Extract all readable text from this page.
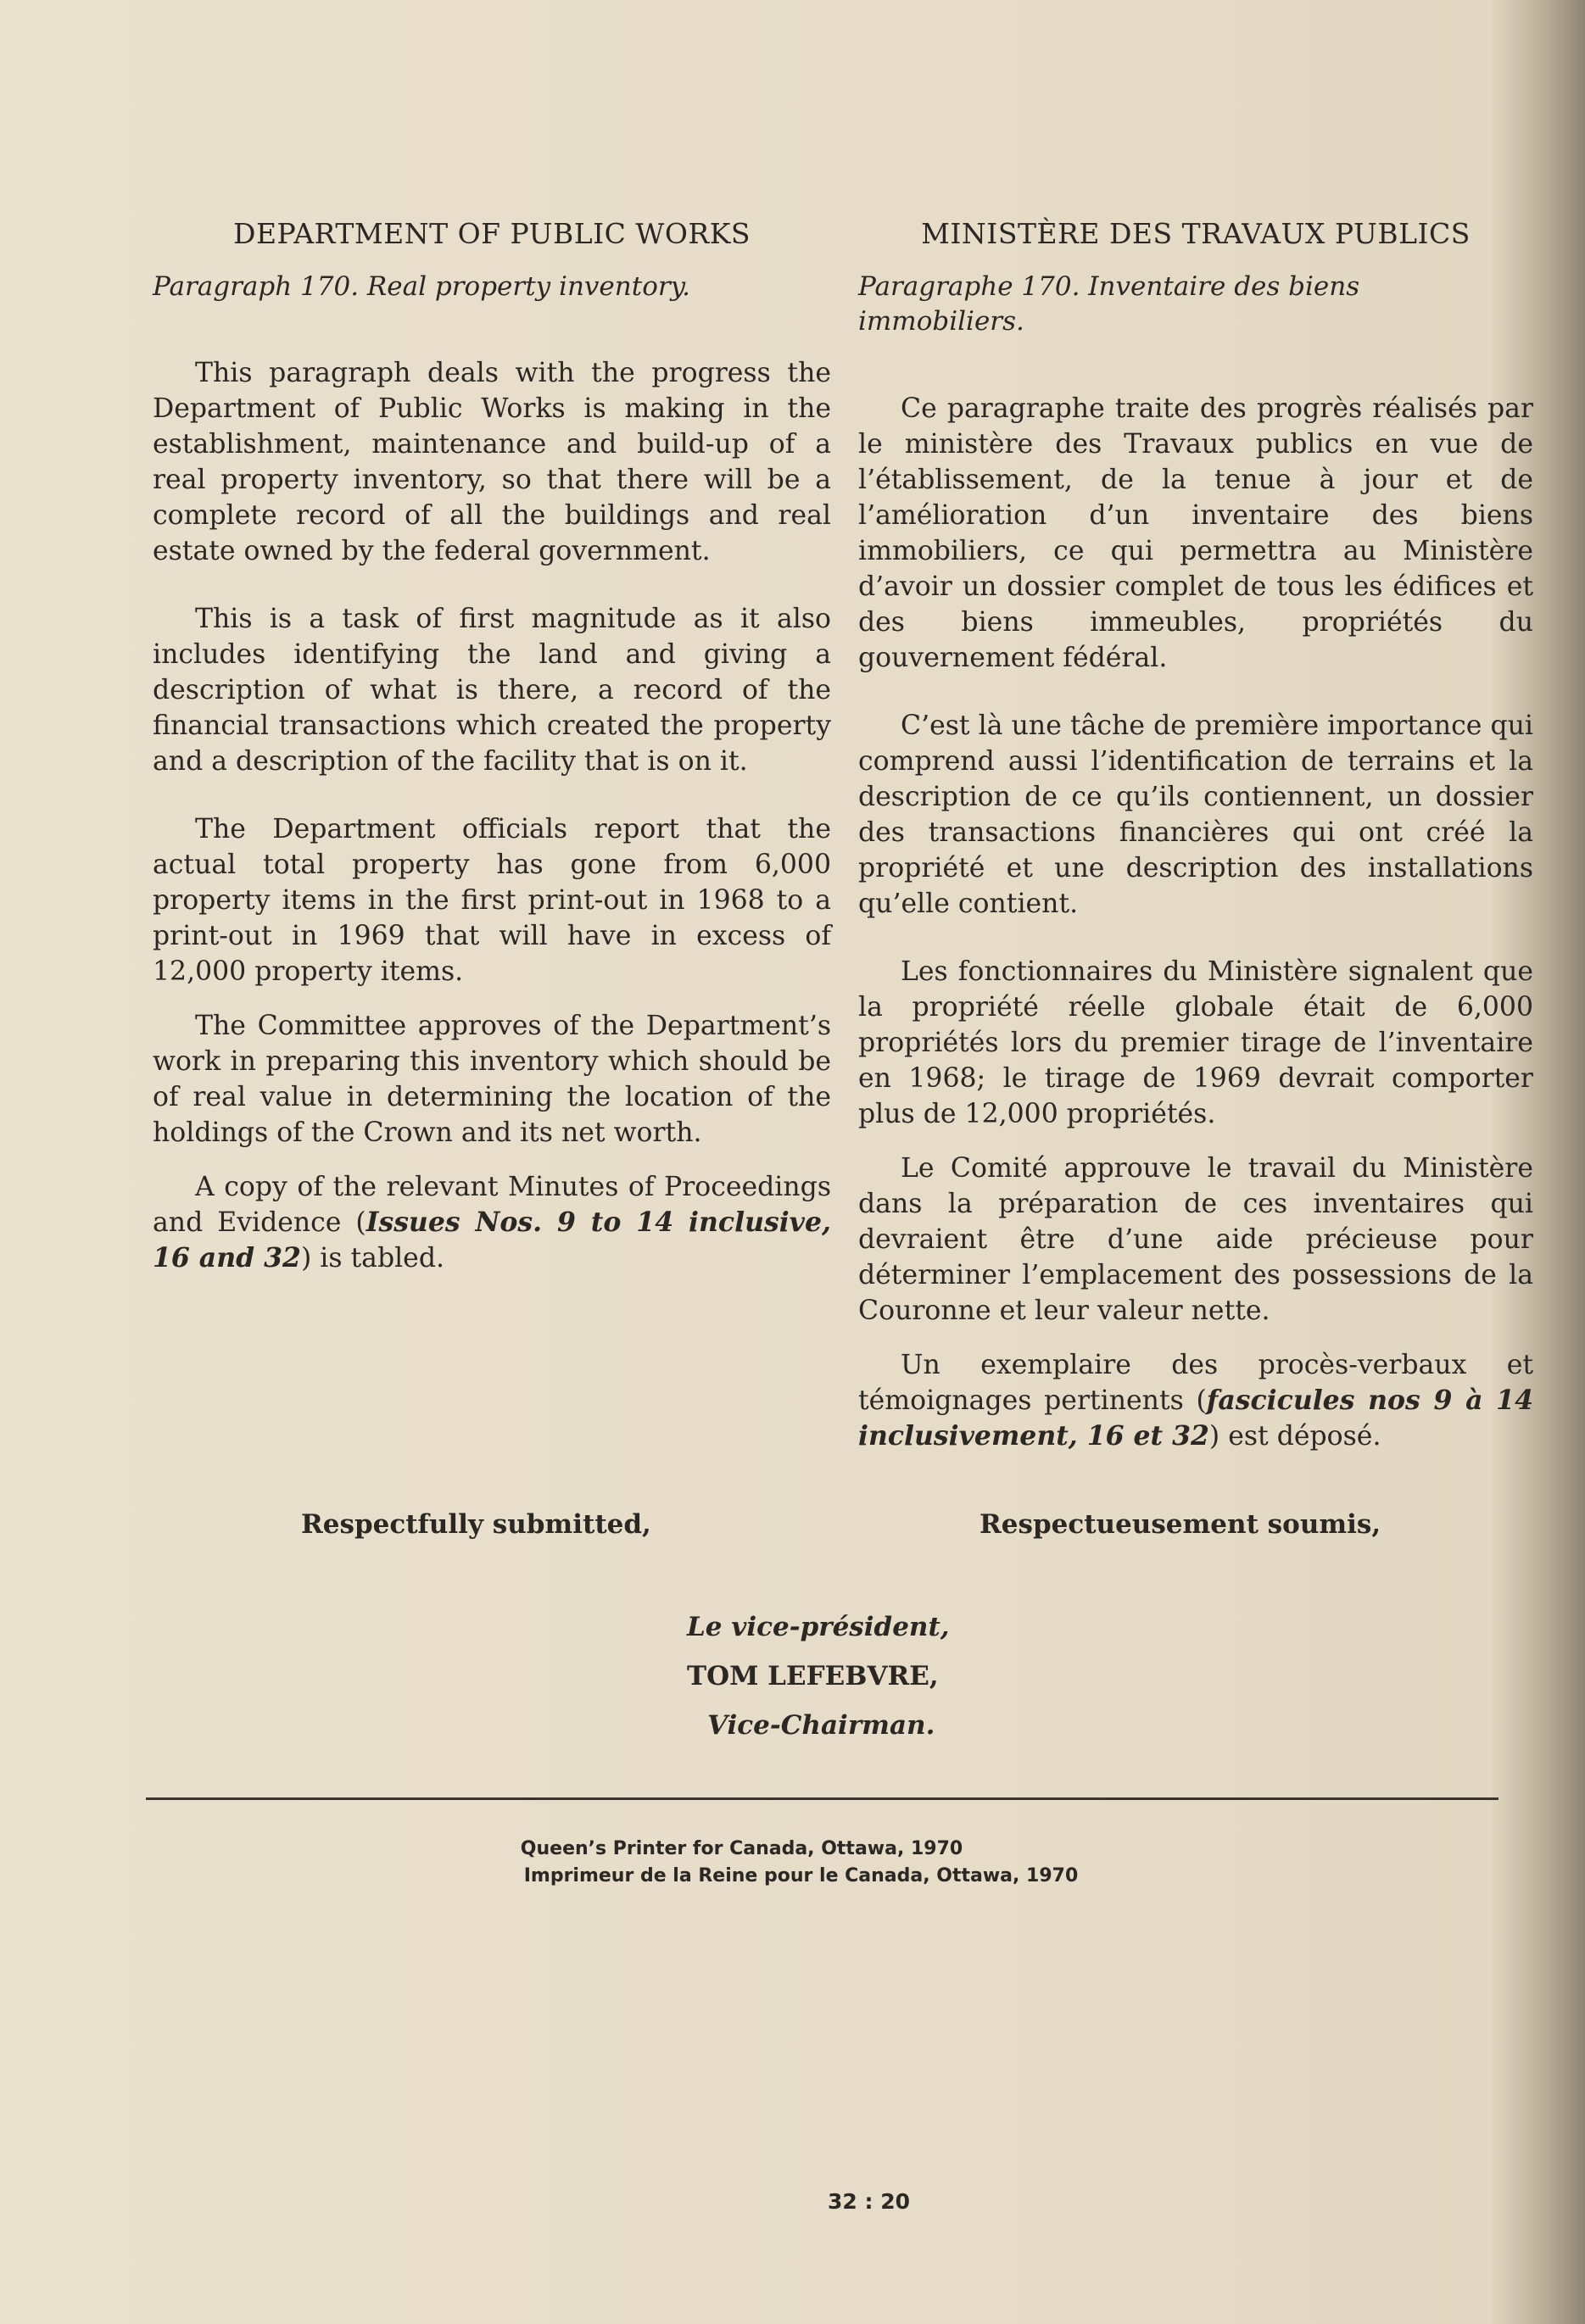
DEPARTMENT OF PUBLIC WORKS
Paragraph 170. Real property inventory.

This paragraph deals with the progress the Department of Public Works is making in the establishment, maintenance and build-up of a real property inventory, so that there will be a complete record of all the buildings and real estate owned by the federal government.

This is a task of first magnitude as it also includes identifying the land and giving a description of what is there, a record of the financial transactions which created the property and a description of the facility that is on it.

The Department officials report that the actual total property has gone from 6,000 property items in the first print-out in 1968 to a print-out in 1969 that will have in excess of 12,000 property items.

The Committee approves of the Department’s work in preparing this inventory which should be of real value in determining the location of the holdings of the Crown and its net worth.

A copy of the relevant Minutes of Proceedings and Evidence (Issues Nos. 9 to 14 inclusive, 16 and 32) is tabled.

MINISTÈRE DES TRAVAUX PUBLICS
Paragraphe 170. Inventaire des biens immobiliers.

Ce paragraphe traite des progrès réalisés par le ministère des Travaux publics en vue de l’établissement, de la tenue à jour et de l’amélioration d’un inventaire des biens immobiliers, ce qui permettra au Ministère d’avoir un dossier complet de tous les édifices et des biens immeubles, propriétés du gouvernement fédéral.

C’est là une tâche de première importance qui comprend aussi l’identification de terrains et la description de ce qu’ils contiennent, un dossier des transactions financières qui ont créé la propriété et une description des installations qu’elle contient.

Les fonctionnaires du Ministère signalent que la propriété réelle globale était de 6,000 propriétés lors du premier tirage de l’inventaire en 1968; le tirage de 1969 devrait comporter plus de 12,000 propriétés.

Le Comité approuve le travail du Ministère dans la préparation de ces inventaires qui devraient être d’une aide précieuse pour déterminer l’emplacement des possessions de la Couronne et leur valeur nette.

Un exemplaire des procès-verbaux et témoignages pertinents (fascicules nos 9 à 14 inclusivement, 16 et 32) est déposé.

Respectfully submitted,	Respectueusement soumis,
Le vice-président,
TOM LEFEBVRE,
Vice-Chairman.
Queen’s Printer for Canada, Ottawa, 1970
Imprimeur de la Reine pour le Canada, Ottawa, 1970
32 : 20
